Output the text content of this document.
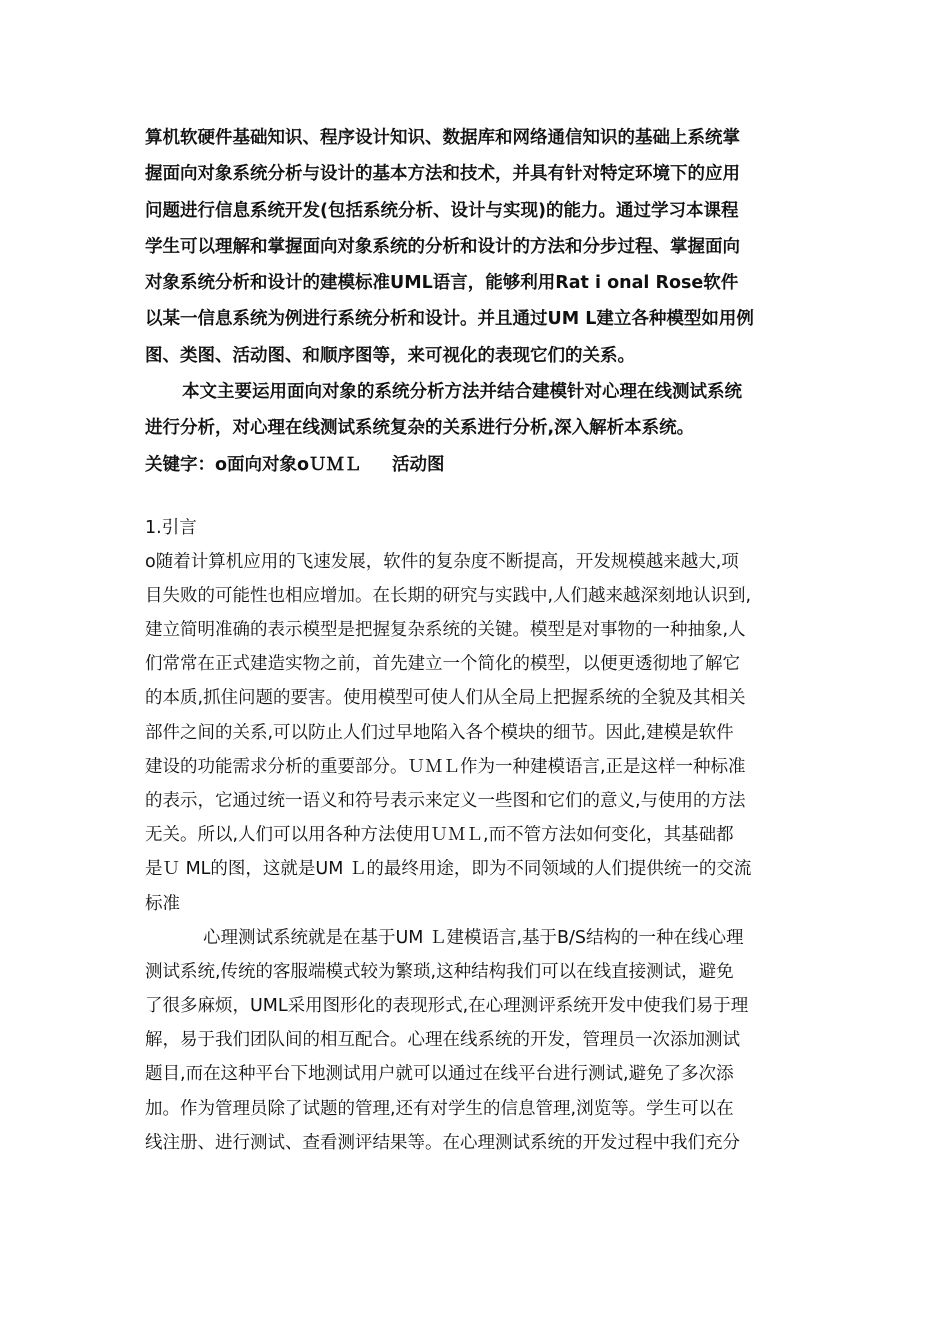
算机软硬件基础知识、程序设计知识、数据库和网络通信知识的基础上系统掌
握面向对象系统分析与设计的基本方法和技术，并具有针对特定环境下的应用
问题进行信息系统开发(包括系统分析、设计与实现)的能力。通过学习本课程
学生可以理解和掌握面向对象系统的分析和设计的方法和分步过程、掌握面向
对象系统分析和设计的建模标准UML语言，能够利用Rat i onal Rose软件
以某一信息系统为例进行系统分析和设计。并且通过UM L建立各种模型如用例
图、类图、活动图、和顺序图等，来可视化的表现它们的关系。
本文主要运用面向对象的系统分析方法并结合建模针对心理在线测试系统
进行分析，对心理在线测试系统复杂的关系进行分析,深入解析本系统。
关键字：o面向对象oＵＭＬ     活动图
1.引言
o随着计算机应用的飞速发展，软件的复杂度不断提高，开发规模越来越大,项
目失败的可能性也相应增加。在长期的研究与实践中,人们越来越深刻地认识到,
建立简明准确的表示模型是把握复杂系统的关键。模型是对事物的一种抽象,人
们常常在正式建造实物之前，首先建立一个简化的模型，以便更透彻地了解它
的本质,抓住问题的要害。使用模型可使人们从全局上把握系统的全貌及其相关
部件之间的关系,可以防止人们过早地陷入各个模块的细节。因此,建模是软件
建设的功能需求分析的重要部分。ＵＭＬ作为一种建模语言,正是这样一种标准
的表示，它通过统一语义和符号表示来定义一些图和它们的意义,与使用的方法
无关。所以,人们可以用各种方法使用ＵＭＬ,而不管方法如何变化，其基础都
是Ｕ ML的图，这就是UM Ｌ的最终用途，即为不同领域的人们提供统一的交流
标准
心理测试系统就是在基于UM Ｌ建模语言,基于B/S结构的一种在线心理
测试系统,传统的客服端模式较为繁琐,这种结构我们可以在线直接测试，避免
了很多麻烦，UML采用图形化的表现形式,在心理测评系统开发中使我们易于理
解，易于我们团队间的相互配合。心理在线系统的开发，管理员一次添加测试
题目,而在这种平台下地测试用户就可以通过在线平台进行测试,避免了多次添
加。作为管理员除了试题的管理,还有对学生的信息管理,浏览等。学生可以在
线注册、进行测试、查看测评结果等。在心理测试系统的开发过程中我们充分
